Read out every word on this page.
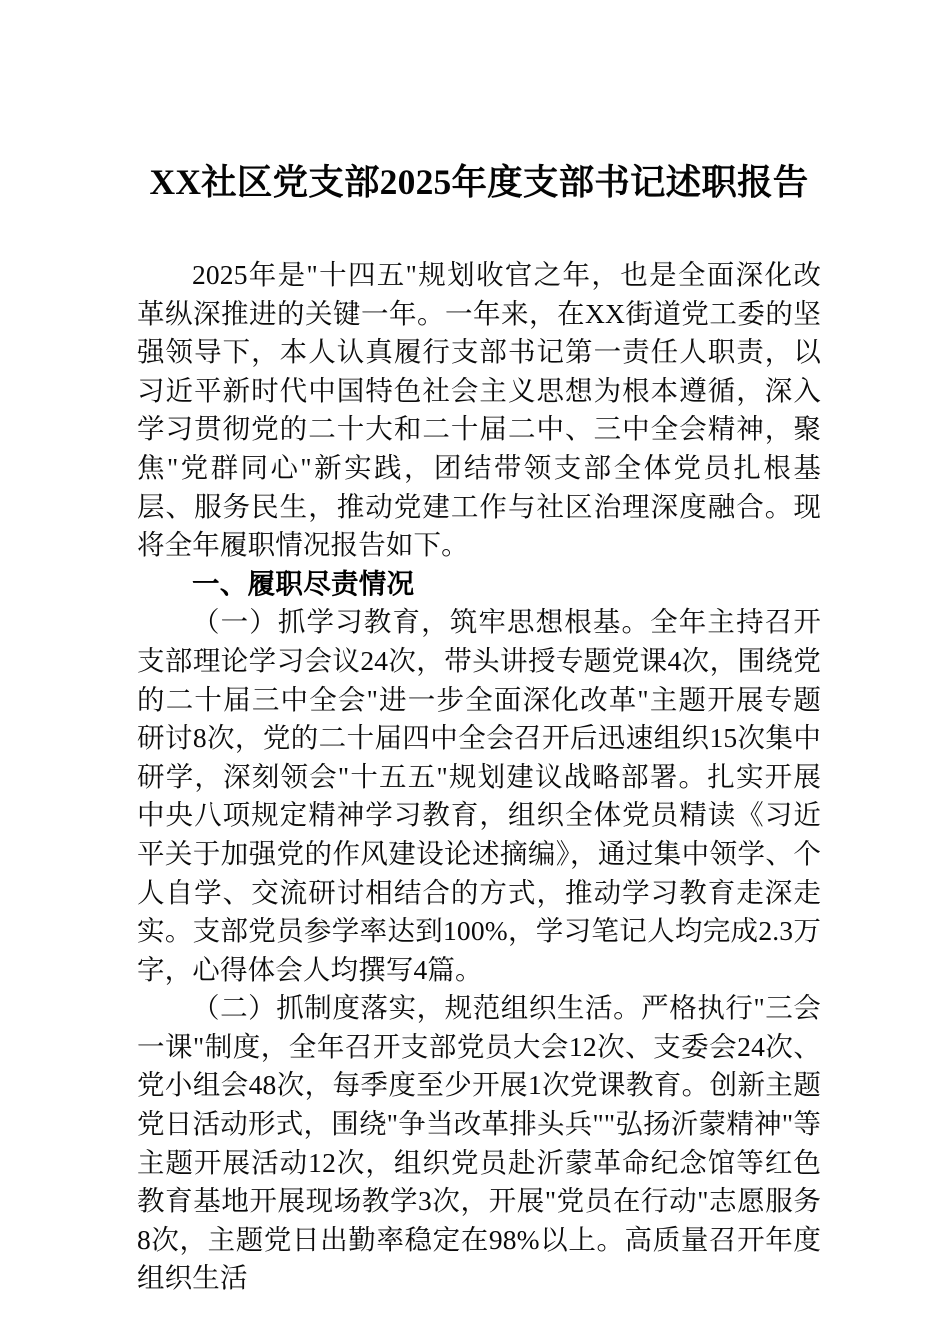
XX社区党支部2025年度支部书记述职报告

2025年是"十四五"规划收官之年，也是全面深化改革纵深推进的关键一年。一年来，在XX街道党工委的坚强领导下，本人认真履行支部书记第一责任人职责，以习近平新时代中国特色社会主义思想为根本遵循，深入学习贯彻党的二十大和二十届二中、三中全会精神，聚焦"党群同心"新实践，团结带领支部全体党员扎根基层、服务民生，推动党建工作与社区治理深度融合。现将全年履职情况报告如下。

一、履职尽责情况

（一）抓学习教育，筑牢思想根基。全年主持召开支部理论学习会议24次，带头讲授专题党课4次，围绕党的二十届三中全会"进一步全面深化改革"主题开展专题研讨8次，党的二十届四中全会召开后迅速组织15次集中研学，深刻领会"十五五"规划建议战略部署。扎实开展中央八项规定精神学习教育，组织全体党员精读《习近平关于加强党的作风建设论述摘编》，通过集中领学、个人自学、交流研讨相结合的方式，推动学习教育走深走实。支部党员参学率达到100%，学习笔记人均完成2.3万字，心得体会人均撰写4篇。

（二）抓制度落实，规范组织生活。严格执行"三会一课"制度，全年召开支部党员大会12次、支委会24次、党小组会48次，每季度至少开展1次党课教育。创新主题党日活动形式，围绕"争当改革排头兵""弘扬沂蒙精神"等主题开展活动12次，组织党员赴沂蒙革命纪念馆等红色教育基地开展现场教学3次，开展"党员在行动"志愿服务8次，主题党日出勤率稳定在98%以上。高质量召开年度组织生活
